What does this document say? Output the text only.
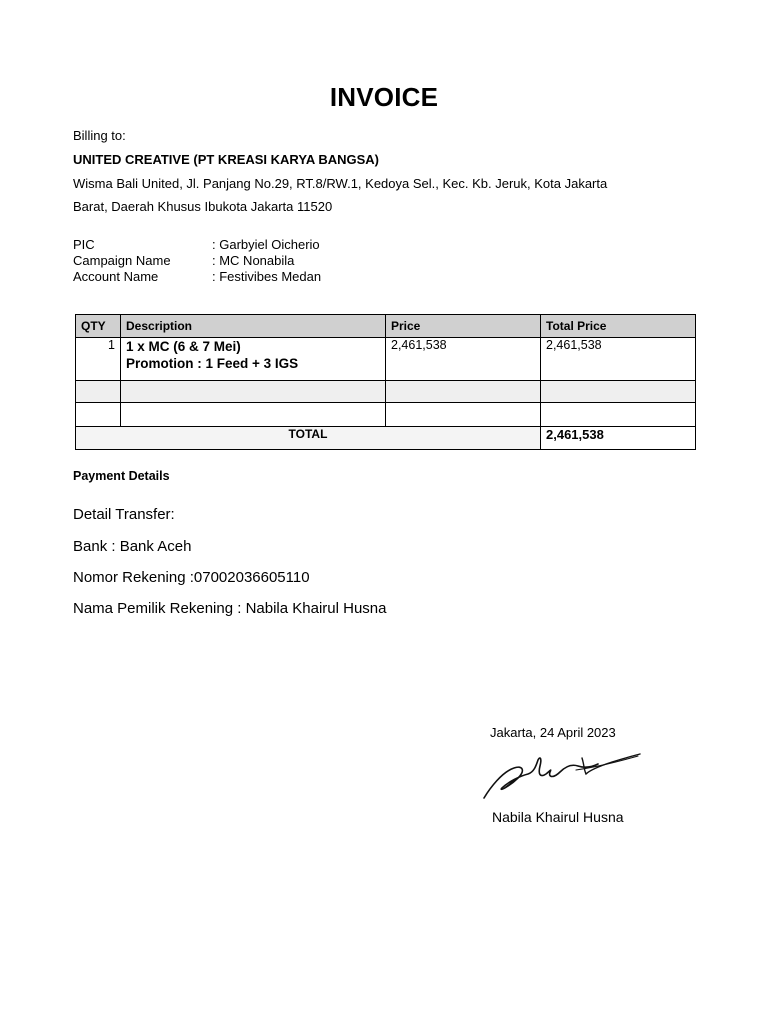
INVOICE
Billing to:
UNITED CREATIVE (PT KREASI KARYA BANGSA)
Wisma Bali United, Jl. Panjang No.29, RT.8/RW.1, Kedoya Sel., Kec. Kb. Jeruk, Kota Jakarta
Barat, Daerah Khusus Ibukota Jakarta 11520
PIC	: Garbyiel Oicherio
Campaign Name	: MC Nonabila
Account Name	: Festivibes Medan
QTY	Description	Price	Total Price
1	1 x MC (6 & 7 Mei)
Promotion : 1 Feed + 3 IGS	2,461,538	2,461,538

TOTAL			2,461,538
Payment Details
Detail Transfer:
Bank : Bank Aceh
Nomor Rekening :07002036605110
Nama Pemilik Rekening : Nabila Khairul Husna
Jakarta, 24 April 2023
Nabila Khairul Husna
